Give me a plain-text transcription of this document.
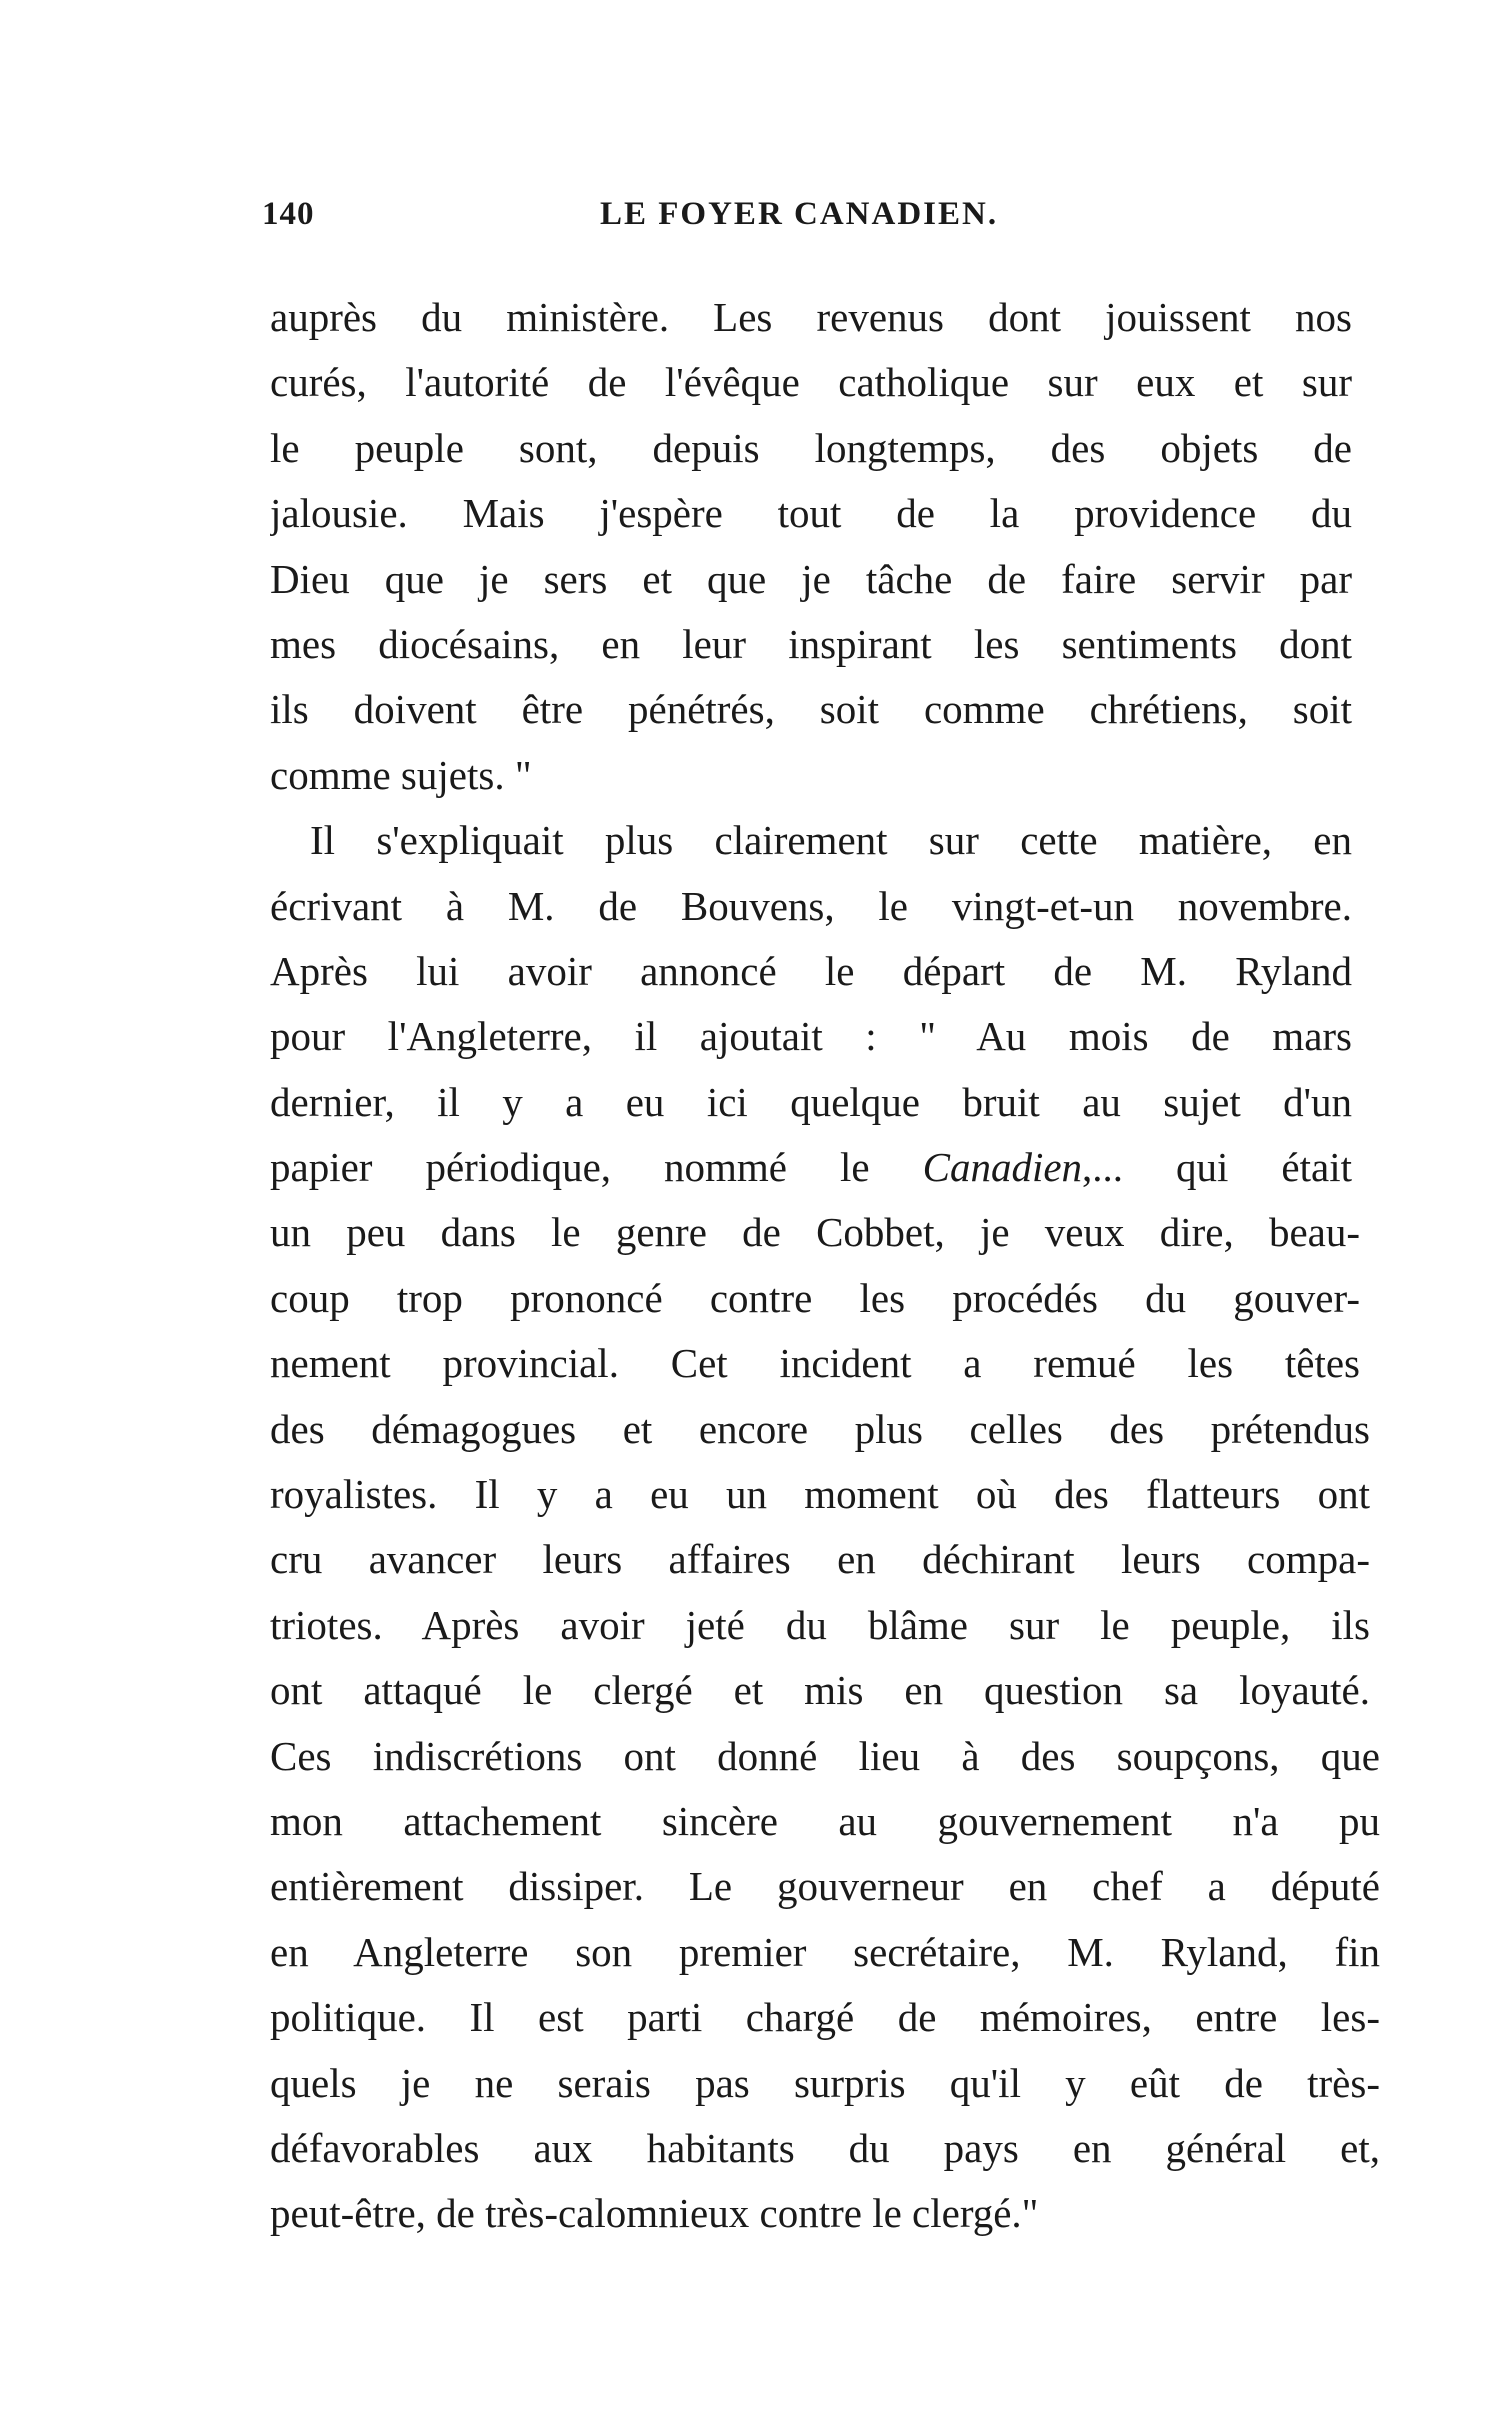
140	LE FOYER CANADIEN.
auprès du ministère. Les revenus dont jouissent nos
curés, l'autorité de l'évêque catholique sur eux et sur
le peuple sont, depuis longtemps, des objets de
jalousie. Mais j'espère tout de la providence du
Dieu que je sers et que je tâche de faire servir par
mes diocésains, en leur inspirant les sentiments dont
ils doivent être pénétrés, soit comme chrétiens, soit
comme sujets. "
Il s'expliquait plus clairement sur cette matière, en
écrivant à M. de Bouvens, le vingt-et-un novembre.
Après lui avoir annoncé le départ de M. Ryland
pour l'Angleterre, il ajoutait : " Au mois de mars
dernier, il y a eu ici quelque bruit au sujet d'un
papier périodique, nommé le Canadien,... qui était
un peu dans le genre de Cobbet, je veux dire, beau-
coup trop prononcé contre les procédés du gouver-
nement provincial. Cet incident a remué les têtes
des démagogues et encore plus celles des prétendus
royalistes. Il y a eu un moment où des flatteurs ont
cru avancer leurs affaires en déchirant leurs compa-
triotes. Après avoir jeté du blâme sur le peuple, ils
ont attaqué le clergé et mis en question sa loyauté.
Ces indiscrétions ont donné lieu à des soupçons, que
mon attachement sincère au gouvernement n'a pu
entièrement dissiper. Le gouverneur en chef a député
en Angleterre son premier secrétaire, M. Ryland, fin
politique. Il est parti chargé de mémoires, entre les-
quels je ne serais pas surpris qu'il y eût de très-
défavorables aux habitants du pays en général et,
peut-être, de très-calomnieux contre le clergé."
